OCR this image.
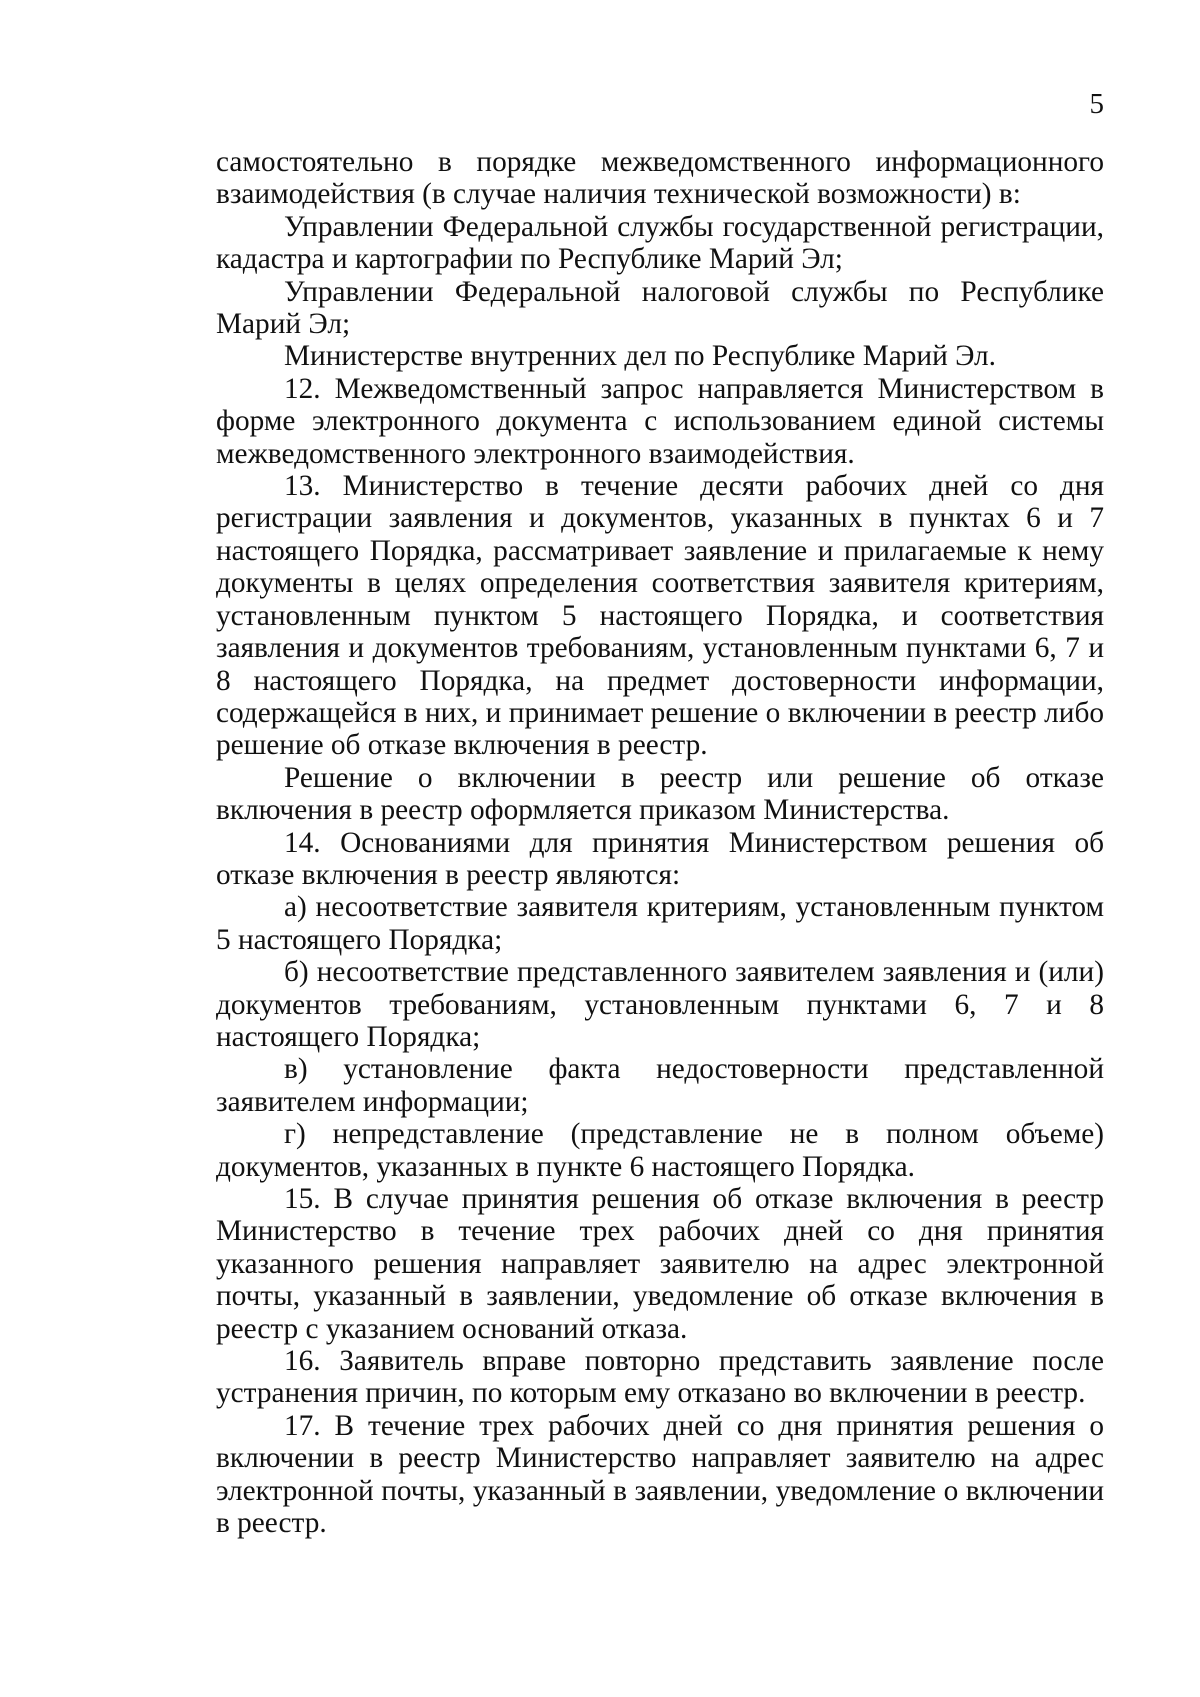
5

самостоятельно в порядке межведомственного информационного взаимодействия (в случае наличия технической возможности) в:

Управлении Федеральной службы государственной регистрации, кадастра и картографии по Республике Марий Эл;

Управлении Федеральной налоговой службы по Республике Марий Эл;

Министерстве внутренних дел по Республике Марий Эл.

12. Межведомственный запрос направляется Министерством в форме электронного документа с использованием единой системы межведомственного электронного взаимодействия.

13. Министерство в течение десяти рабочих дней со дня регистрации заявления и документов, указанных в пунктах 6 и 7 настоящего Порядка, рассматривает заявление и прилагаемые к нему документы в целях определения соответствия заявителя критериям, установленным пунктом 5 настоящего Порядка, и соответствия заявления и документов требованиям, установленным пунктами 6, 7 и 8 настоящего Порядка, на предмет достоверности информации, содержащейся в них, и принимает решение о включении в реестр либо решение об отказе включения в реестр.

Решение о включении в реестр или решение об отказе включения в реестр оформляется приказом Министерства.

14. Основаниями для принятия Министерством решения об отказе включения в реестр являются:

а) несоответствие заявителя критериям, установленным пунктом 5 настоящего Порядка;

б) несоответствие представленного заявителем заявления и (или) документов требованиям, установленным пунктами 6, 7 и 8 настоящего Порядка;

в) установление факта недостоверности представленной заявителем информации;

г) непредставление (представление не в полном объеме) документов, указанных в пункте 6 настоящего Порядка.

15. В случае принятия решения об отказе включения в реестр Министерство в течение трех рабочих дней со дня принятия указанного решения направляет заявителю на адрес электронной почты, указанный в заявлении, уведомление об отказе включения в реестр с указанием оснований отказа.

16. Заявитель вправе повторно представить заявление после устранения причин, по которым ему отказано во включении в реестр.

17. В течение трех рабочих дней со дня принятия решения о включении в реестр Министерство направляет заявителю на адрес электронной почты, указанный в заявлении, уведомление о включении в реестр.
